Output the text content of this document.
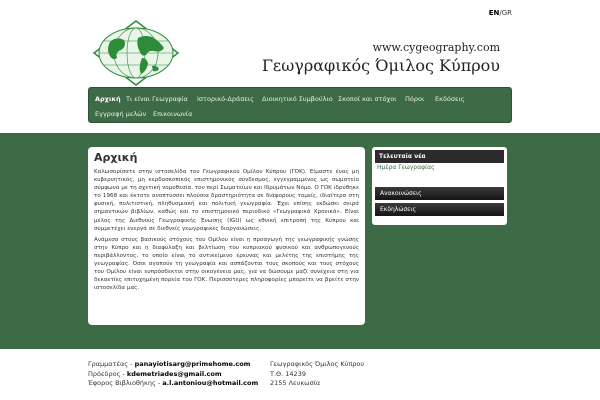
EN/GR
www.cygeography.com
Γεωγραφικός Όμιλος Κύπρου
Αρχική Τι είναι Γεωγραφία Ιστορικό-Δράσεις Διοικητικό Συμβούλιο Σκοποί και στόχοι Πόροι Εκδόσεις
Εγγραφή μελών Επικοινωνία
Αρχική

Καλωσορίσατε στην ιστοσελίδα του Γεωγραφικού Ομίλου Κύπρου (ΓΟΚ). Είμαστε ένας μη κυβερνητικός, μη κερδοσκοπικός επιστημονικός σύνδεσμος, εγγεγραμμένος ως σωματείο σύμφωνα με τη σχετική νομοθεσία, τον περί Σωματείων και Ιδρυμάτων Νόμο. Ο ΓΟΚ ιδρύθηκε το 1968 και έκτοτε αναπτύσσει πλούσια δραστηριότητα σε διάφορους τομείς, ιδιαίτερα στη φυσική, πολιτιστική, πληθυσμιακή και πολιτική γεωγραφία. Έχει επίσης εκδώσει σειρά σημαντικών βιβλίων, καθώς και το επιστημονικό περιοδικό «Γεωγραφικά Χρονικά». Είναι μέλος της Διεθνούς Γεωγραφικής Ένωσης (IGU) ως εθνική επιτροπή της Κύπρου και συμμετέχει ενεργά σε διεθνείς γεωγραφικές διοργανώσεις.

Ανάμεσα στους βασικούς στόχους του Ομίλου είναι η προαγωγή της γεωγραφικής γνώσης στην Κύπρο και η διαφύλαξη και βελτίωση του κυπριακού φυσικού και ανθρωπογενούς περιβάλλοντος, το οποίο είναι το αντικείμενο έρευνας και μελέτης της επιστήμης της γεωγραφίας. Όσοι αγαπούν τη γεωγραφία και ασπάζονται τους σκοπούς και τους στόχους του Ομίλου είναι ευπρόσδεκτοι στην οικογένεια μας, για να δώσουμε μαζί συνέχεια στη για δεκαετίες επιτυχημένη πορεία του ΓΟΚ. Περισσότερες πληροφορίες μπορείτε να βρείτε στην ιστοσελίδα μας.

Τελευταία νέα
Ημέρα Γεωγραφίας
Ανακοινώσεις
Εκδηλώσεις
Γραμματέας - panayiotisarg@primehome.com
Πρόεδρος - kdemetriades@gmail.com
Έφορος Βιβλιοθήκης - a.l.antoniou@hotmail.com
Γεωγραφικός Όμιλος Κύπρου
Τ.Θ. 14239
2155 Λευκωσία
